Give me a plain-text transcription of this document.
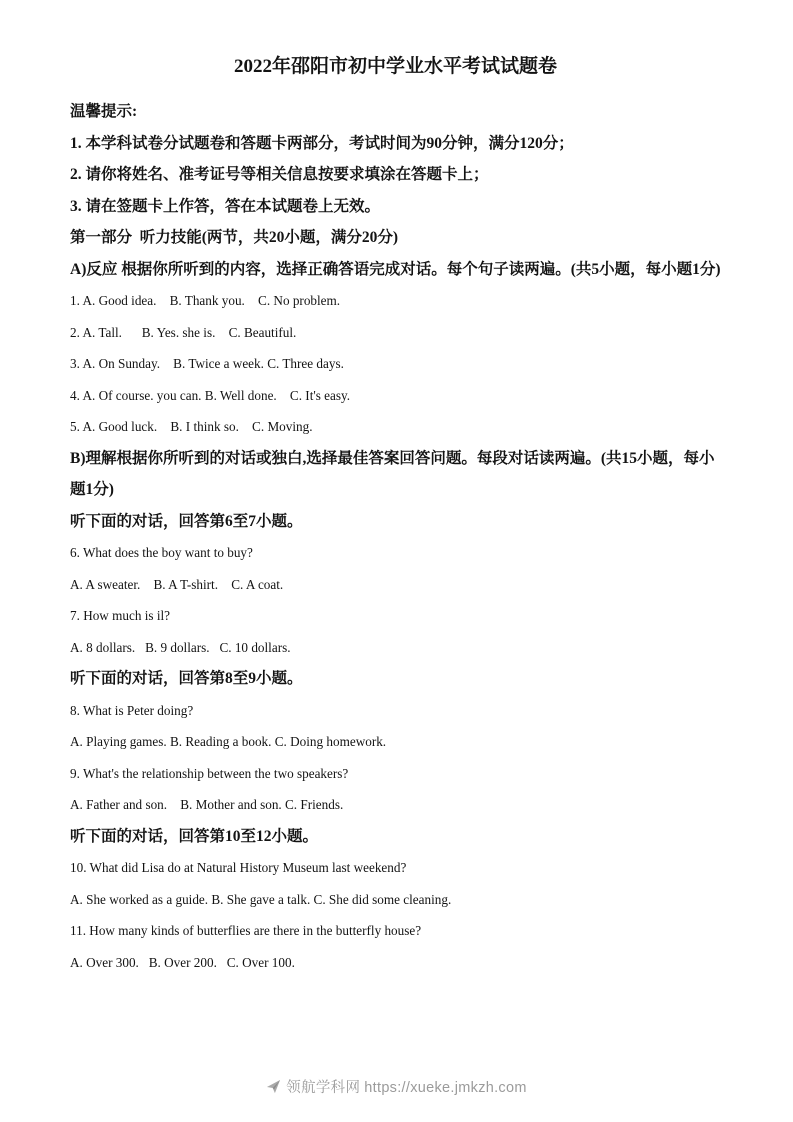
2022年邵阳市初中学业水平考试试题卷

温馨提示:

1. 本学科试卷分试题卷和答题卡两部分，考试时间为90分钟，满分120分；

2. 请你将姓名、准考证号等相关信息按要求填涂在答题卡上；

3. 请在签题卡上作答，答在本试题卷上无效。

第一部分  听力技能(两节，共20小题，满分20分)

A)反应 根据你所听到的内容，选择正确答语完成对话。每个句子读两遍。(共5小题，每小题1分)

1. A. Good idea.    B. Thank you.    C. No problem.

2. A. Tall.      B. Yes. she is.    C. Beautiful.

3. A. On Sunday.    B. Twice a week. C. Three days.

4. A. Of course. you can. B. Well done.    C. It's easy.

5. A. Good luck.    B. I think so.    C. Moving.

B)理解根据你所听到的对话或独白,选择最佳答案回答问题。每段对话读两遍。(共15小题，每小题1分)

听下面的对话，回答第6至7小题。

6. What does the boy want to buy?

A. A sweater.    B. A T-shirt.    C. A coat.

7. How much is il?

A. 8 dollars.   B. 9 dollars.   C. 10 dollars.

听下面的对话，回答第8至9小题。

8. What is Peter doing?

A. Playing games. B. Reading a book. C. Doing homework.

9. What's the relationship between the two speakers?

A. Father and son.    B. Mother and son. C. Friends.

听下面的对话，回答第10至12小题。

10. What did Lisa do at Natural History Museum last weekend?

A. She worked as a guide. B. She gave a talk. C. She did some cleaning.

11. How many kinds of butterflies are there in the butterfly house?

A. Over 300.   B. Over 200.   C. Over 100.

领航学科网 https://xueke.jmkzh.com
